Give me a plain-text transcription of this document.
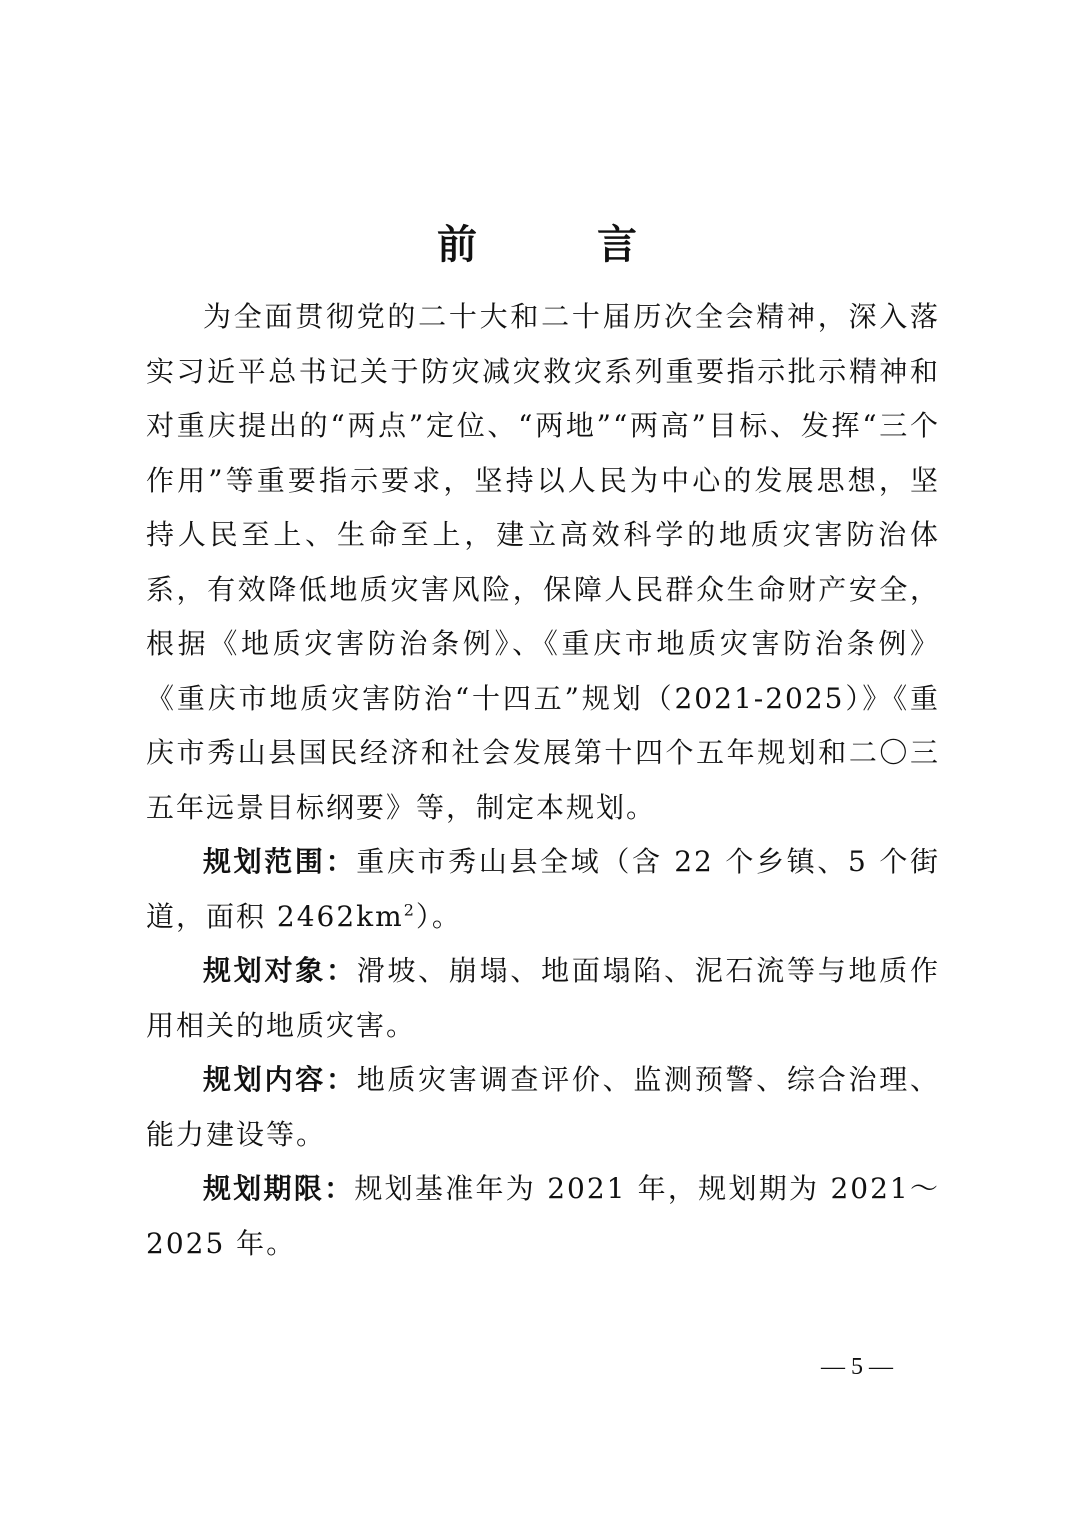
前　言

为全面贯彻党的二十大和二十届历次全会精神，深入落实习近平总书记关于防灾减灾救灾系列重要指示批示精神和对重庆提出的“两点”定位、“两地”“两高”目标、发挥“三个作用”等重要指示要求，坚持以人民为中心的发展思想，坚持人民至上、生命至上，建立高效科学的地质灾害防治体系，有效降低地质灾害风险，保障人民群众生命财产安全，根据《地质灾害防治条例》、《重庆市地质灾害防治条例》《重庆市地质灾害防治“十四五”规划（2021-2025）》《重庆市秀山县国民经济和社会发展第十四个五年规划和二〇三五年远景目标纲要》等，制定本规划。

规划范围：重庆市秀山县全域（含 22 个乡镇、5 个街道，面积 $2462km^2$）。

规划对象：滑坡、崩塌、地面塌陷、泥石流等与地质作用相关的地质灾害。

规划内容：地质灾害调查评价、监测预警、综合治理、能力建设等。

规划期限：规划基准年为 2021 年，规划期为 2021～2025 年。

— 5 —
